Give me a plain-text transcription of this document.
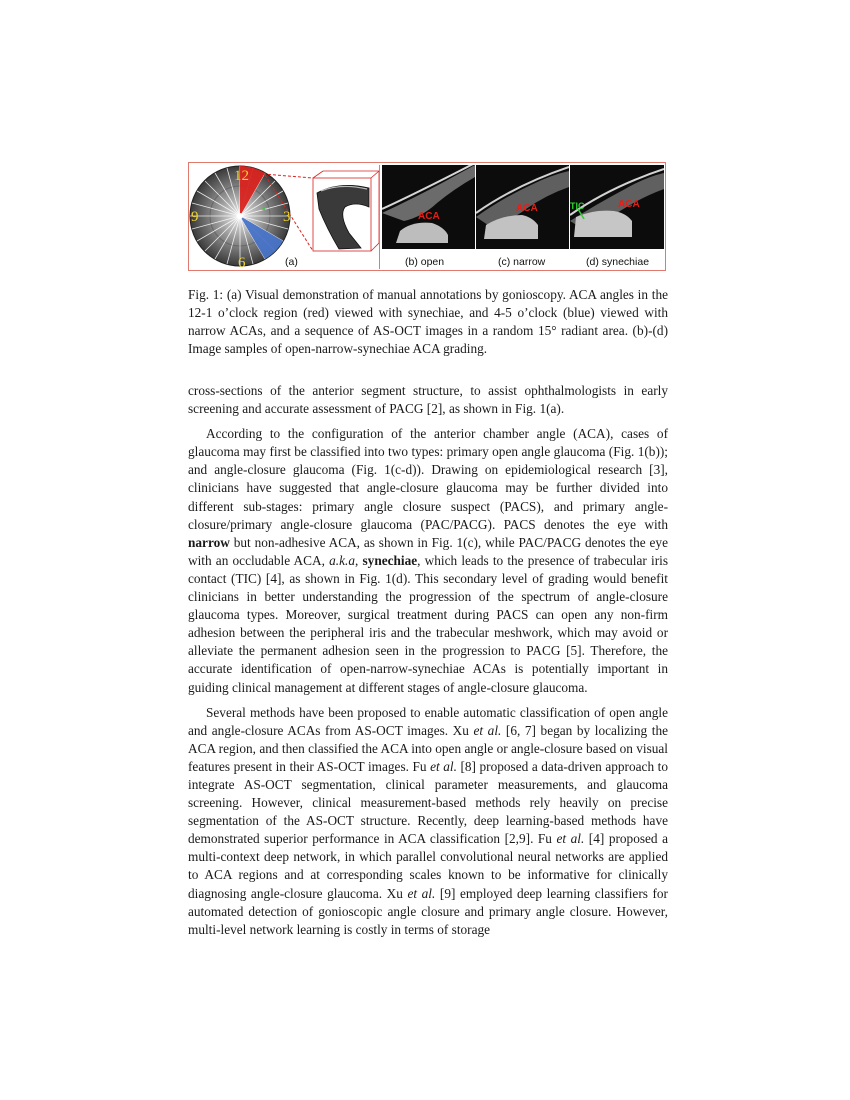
12
3
6
9
▴
(a)
ACA
ACA	TIC	ACA
(b) open	(c) narrow	(d) synechiae
Fig. 1: (a) Visual demonstration of manual annotations by gonioscopy. ACA angles in the 12-1 o’clock region (red) viewed with synechiae, and 4-5 o’clock (blue) viewed with narrow ACAs, and a sequence of AS-OCT images in a random 15° radiant area. (b)-(d) Image samples of open-narrow-synechiae ACA grading.

cross-sections of the anterior segment structure, to assist ophthalmologists in early screening and accurate assessment of PACG [2], as shown in Fig. 1(a).

According to the configuration of the anterior chamber angle (ACA), cases of glaucoma may first be classified into two types: primary open angle glaucoma (Fig. 1(b)); and angle-closure glaucoma (Fig. 1(c-d)). Drawing on epidemiological research [3], clinicians have suggested that angle-closure glaucoma may be further divided into different sub-stages: primary angle closure suspect (PACS), and primary angle-closure/primary angle-closure glaucoma (PAC/PACG). PACS denotes the eye with narrow but non-adhesive ACA, as shown in Fig. 1(c), while PAC/PACG denotes the eye with an occludable ACA, a.k.a, synechiae, which leads to the presence of trabecular iris contact (TIC) [4], as shown in Fig. 1(d). This secondary level of grading would benefit clinicians in better understanding the progression of the spectrum of angle-closure glaucoma types. Moreover, surgical treatment during PACS can open any non-firm adhesion between the peripheral iris and the trabecular meshwork, which may avoid or alleviate the permanent adhesion seen in the progression to PACG [5]. Therefore, the accurate identification of open-narrow-synechiae ACAs is potentially important in guiding clinical management at different stages of angle-closure glaucoma.

Several methods have been proposed to enable automatic classification of open angle and angle-closure ACAs from AS-OCT images. Xu et al. [6, 7] began by localizing the ACA region, and then classified the ACA into open angle or angle-closure based on visual features present in their AS-OCT images. Fu et al. [8] proposed a data-driven approach to integrate AS-OCT segmentation, clinical parameter measurements, and glaucoma screening. However, clinical measurement-based methods rely heavily on precise segmentation of the AS-OCT structure. Recently, deep learning-based methods have demonstrated superior performance in ACA classification [2,9]. Fu et al. [4] proposed a multi-context deep network, in which parallel convolutional neural networks are applied to ACA regions and at corresponding scales known to be informative for clinically diagnosing angle-closure glaucoma. Xu et al. [9] employed deep learning classifiers for automated detection of gonioscopic angle closure and primary angle closure. However, multi-level network learning is costly in terms of storage
